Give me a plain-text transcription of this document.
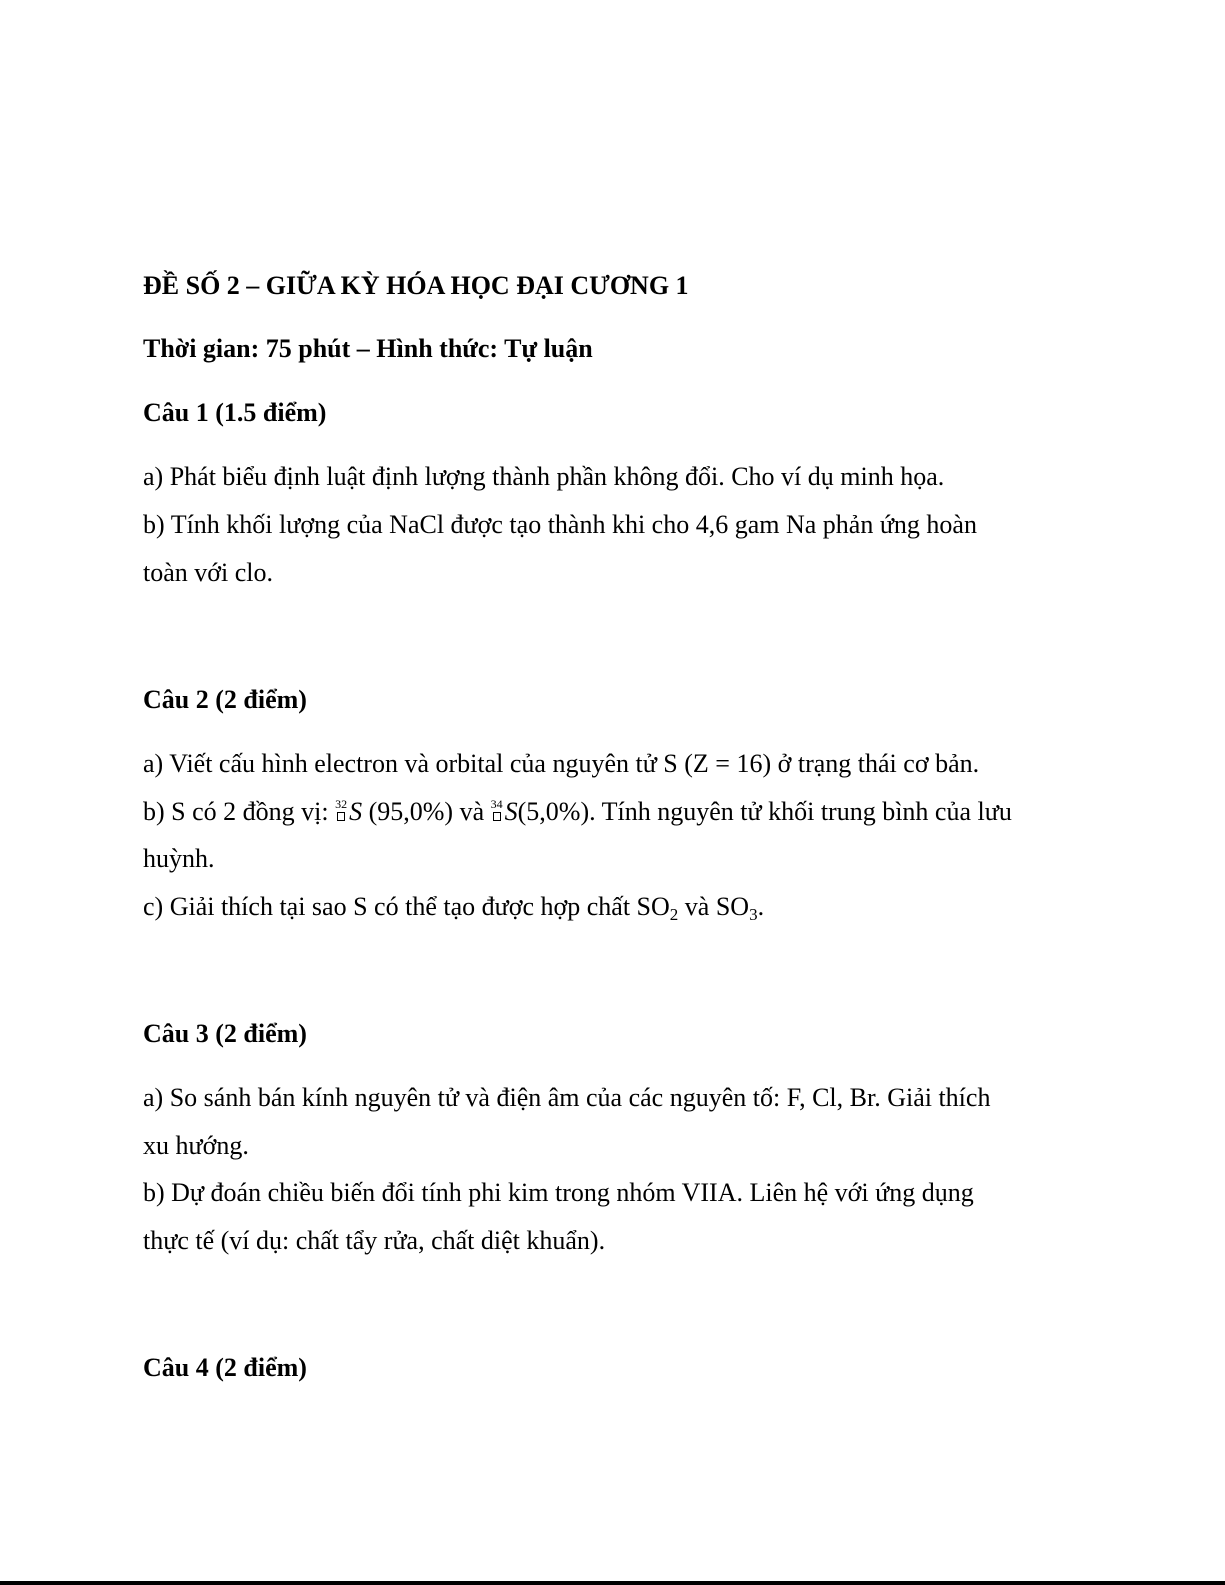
ĐỀ SỐ 2 – GIỮA KỲ HÓA HỌC ĐẠI CƯƠNG 1
Thời gian: 75 phút – Hình thức: Tự luận
Câu 1 (1.5 điểm)
a) Phát biểu định luật định lượng thành phần không đổi. Cho ví dụ minh họa.
b) Tính khối lượng của NaCl được tạo thành khi cho 4,6 gam Na phản ứng hoàn
toàn với clo.
Câu 2 (2 điểm)
a) Viết cấu hình electron và orbital của nguyên tử S (Z = 16) ở trạng thái cơ bản.
b) S có 2 đồng vị: 32 S (95,0%) và 34 S(5,0%). Tính nguyên tử khối trung bình của lưu
huỳnh.
c) Giải thích tại sao S có thể tạo được hợp chất $SO_2$ và $SO_3$.
Câu 3 (2 điểm)
a) So sánh bán kính nguyên tử và điện âm của các nguyên tố: F, Cl, Br. Giải thích
xu hướng.
b) Dự đoán chiều biến đổi tính phi kim trong nhóm VIIA. Liên hệ với ứng dụng
thực tế (ví dụ: chất tẩy rửa, chất diệt khuẩn).
Câu 4 (2 điểm)
